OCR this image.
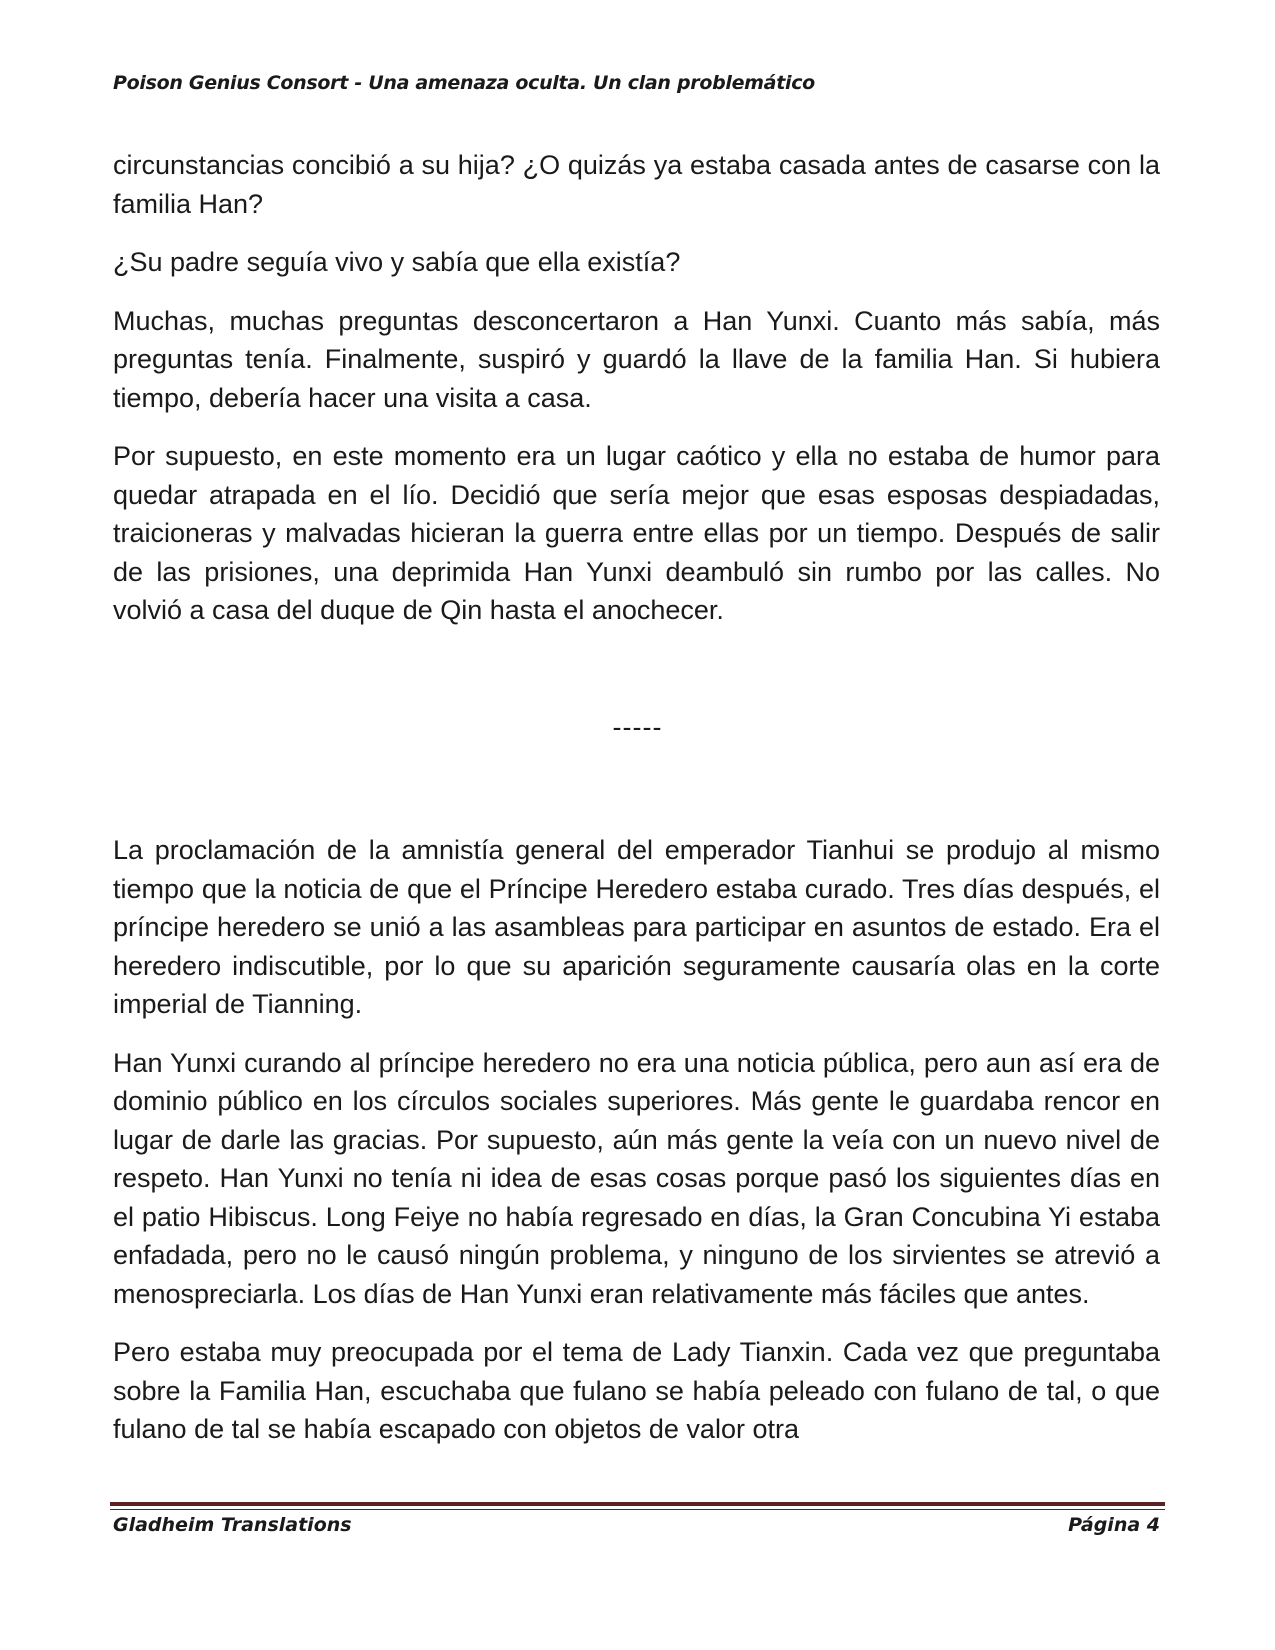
Poison Genius Consort - Una amenaza oculta. Un clan problemático

circunstancias concibió a su hija? ¿O quizás ya estaba casada antes de casarse con la familia Han?

¿Su padre seguía vivo y sabía que ella existía?

Muchas, muchas preguntas desconcertaron a Han Yunxi. Cuanto más sabía, más preguntas tenía. Finalmente, suspiró y guardó la llave de la familia Han. Si hubiera tiempo, debería hacer una visita a casa.

Por supuesto, en este momento era un lugar caótico y ella no estaba de humor para quedar atrapada en el lío. Decidió que sería mejor que esas esposas despiadadas, traicioneras y malvadas hicieran la guerra entre ellas por un tiempo. Después de salir de las prisiones, una deprimida Han Yunxi deambuló sin rumbo por las calles. No volvió a casa del duque de Qin hasta el anochecer.

-----

La proclamación de la amnistía general del emperador Tianhui se produjo al mismo tiempo que la noticia de que el Príncipe Heredero estaba curado. Tres días después, el príncipe heredero se unió a las asambleas para participar en asuntos de estado. Era el heredero indiscutible, por lo que su aparición seguramente causaría olas en la corte imperial de Tianning.

Han Yunxi curando al príncipe heredero no era una noticia pública, pero aun así era de dominio público en los círculos sociales superiores. Más gente le guardaba rencor en lugar de darle las gracias. Por supuesto, aún más gente la veía con un nuevo nivel de respeto. Han Yunxi no tenía ni idea de esas cosas porque pasó los siguientes días en el patio Hibiscus. Long Feiye no había regresado en días, la Gran Concubina Yi estaba enfadada, pero no le causó ningún problema, y ninguno de los sirvientes se atrevió a menospreciarla. Los días de Han Yunxi eran relativamente más fáciles que antes.

Pero estaba muy preocupada por el tema de Lady Tianxin. Cada vez que preguntaba sobre la Familia Han, escuchaba que fulano se había peleado con fulano de tal, o que fulano de tal se había escapado con objetos de valor otra

Gladheim Translations	Página 4
